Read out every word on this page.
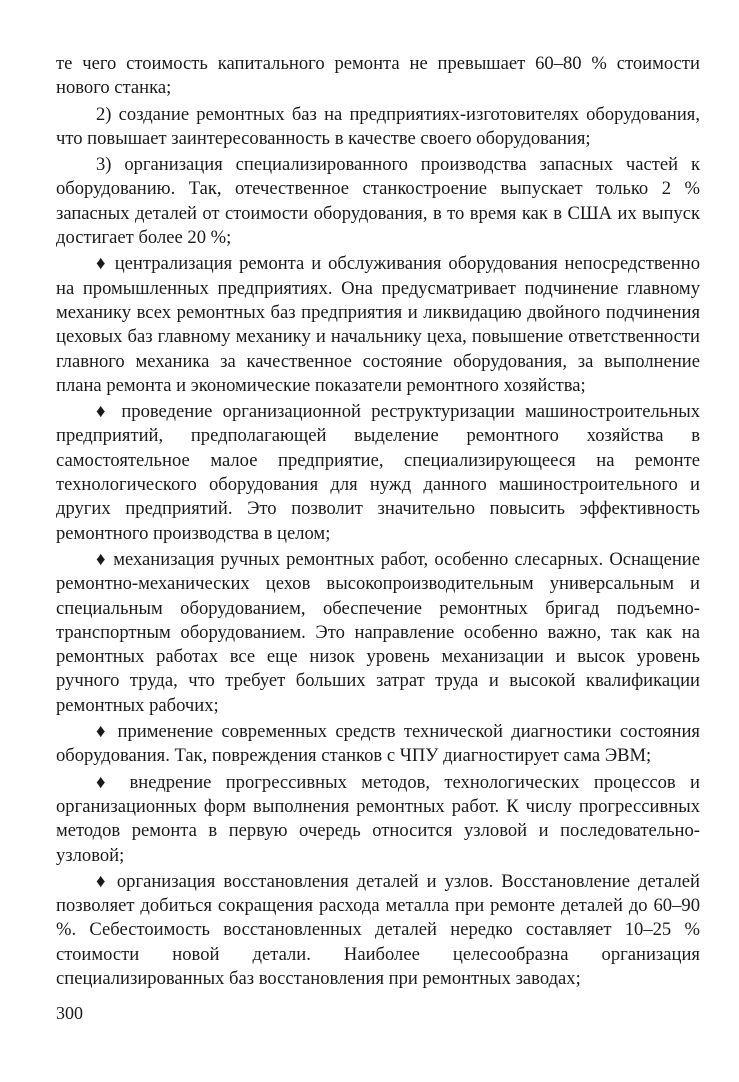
те чего стоимость капитального ремонта не превышает 60–80 % стоимости нового станка;

2) создание ремонтных баз на предприятиях-изготовителях оборудования, что повышает заинтересованность в качестве своего оборудования;

3) организация специализированного производства запасных частей к оборудованию. Так, отечественное станкостроение выпускает только 2 % запасных деталей от стоимости оборудования, в то время как в США их выпуск достигает более 20 %;

♦ централизация ремонта и обслуживания оборудования непосредственно на промышленных предприятиях. Она предусматривает подчинение главному механику всех ремонтных баз предприятия и ликвидацию двойного подчинения цеховых баз главному механику и начальнику цеха, повышение ответственности главного механика за качественное состояние оборудования, за выполнение плана ремонта и экономические показатели ремонтного хозяйства;

♦ проведение организационной реструктуризации машиностроительных предприятий, предполагающей выделение ремонтного хозяйства в самостоятельное малое предприятие, специализирующееся на ремонте технологического оборудования для нужд данного машиностроительного и других предприятий. Это позволит значительно повысить эффективность ремонтного производства в целом;

♦ механизация ручных ремонтных работ, особенно слесарных. Оснащение ремонтно-механических цехов высокопроизводительным универсальным и специальным оборудованием, обеспечение ремонтных бригад подъемно-транспортным оборудованием. Это направление особенно важно, так как на ремонтных работах все еще низок уровень механизации и высок уровень ручного труда, что требует больших затрат труда и высокой квалификации ремонтных рабочих;

♦ применение современных средств технической диагностики состояния оборудования. Так, повреждения станков с ЧПУ диагностирует сама ЭВМ;

♦ внедрение прогрессивных методов, технологических процессов и организационных форм выполнения ремонтных работ. К числу прогрессивных методов ремонта в первую очередь относится узловой и последовательно-узловой;

♦ организация восстановления деталей и узлов. Восстановление деталей позволяет добиться сокращения расхода металла при ремонте деталей до 60–90 %. Себестоимость восстановленных деталей нередко составляет 10–25 % стоимости новой детали. Наиболее целесообразна организация специализированных баз восстановления при ремонтных заводах;

300
